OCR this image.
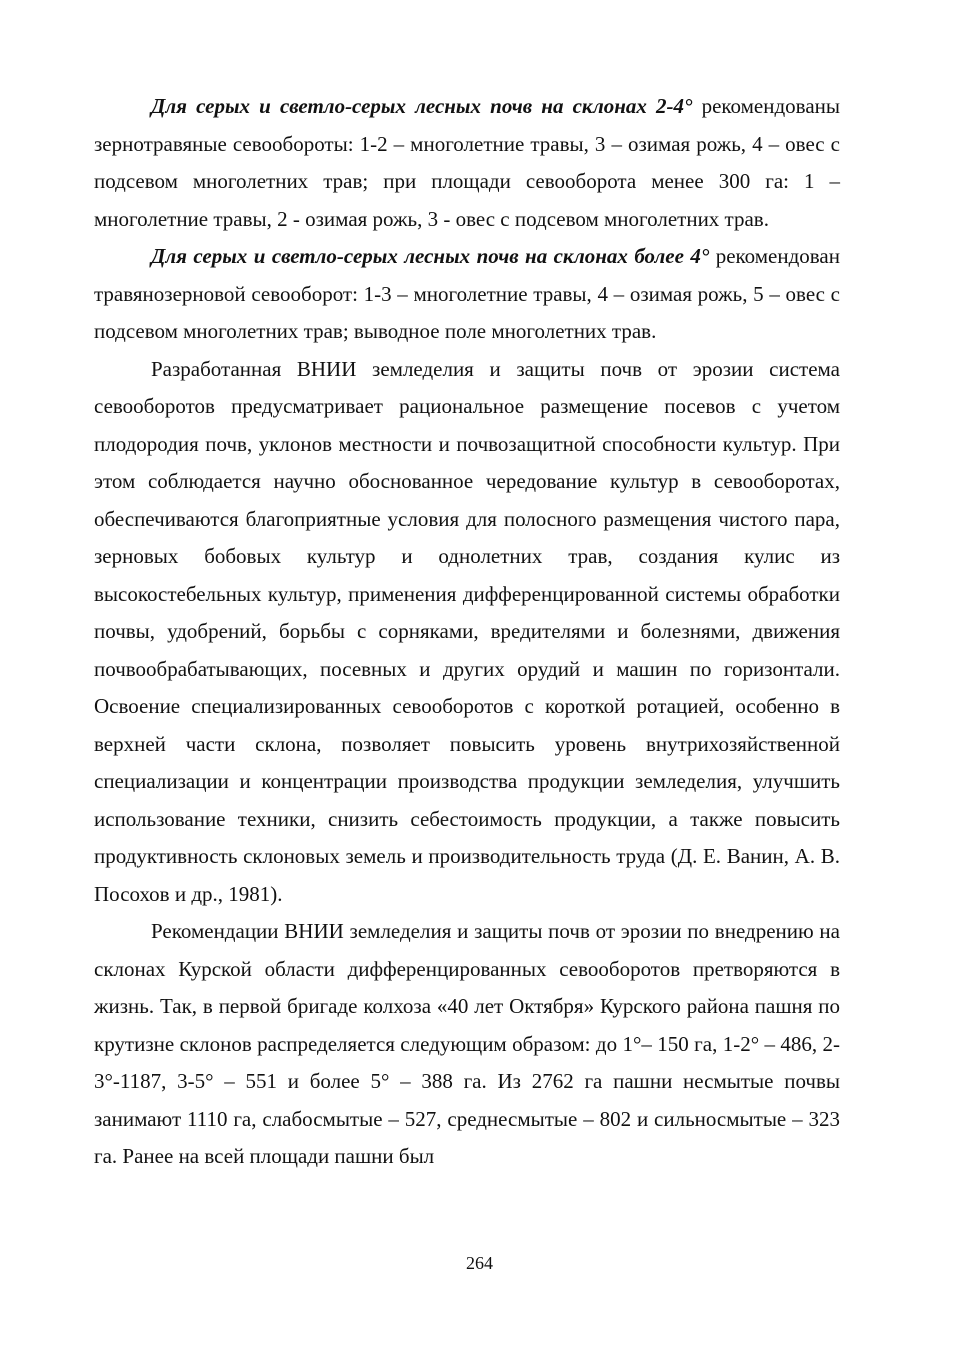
Для серых и светло-серых лесных почв на склонах 2-4° рекомендованы зернотравяные севообороты: 1-2 – многолетние травы, 3 – озимая рожь, 4 – овес с подсевом многолетних трав; при площади севооборота менее 300 га: 1 – многолетние травы, 2 - озимая рожь, 3 - овес с подсевом многолетних трав.

Для серых и светло-серых лесных почв на склонах более 4° рекомендован травянозерновой севооборот: 1-3 – многолетние травы, 4 – озимая рожь, 5 – овес с подсевом многолетних трав; выводное поле многолетних трав.

Разработанная ВНИИ земледелия и защиты почв от эрозии система севооборотов предусматривает рациональное размещение посевов с учетом плодородия почв, уклонов местности и почвозащитной способности культур. При этом соблюдается научно обоснованное чередование культур в севооборотах, обеспечиваются благоприятные условия для полосного размещения чистого пара, зерновых бобовых культур и однолетних трав, создания кулис из высокостебельных культур, применения дифференцированной системы обработки почвы, удобрений, борьбы с сорняками, вредителями и болезнями, движения почвообрабатывающих, посевных и других орудий и машин по горизонтали. Освоение специализированных севооборотов с короткой ротацией, особенно в верхней части склона, позволяет повысить уровень внутрихозяйственной специализации и концентрации производства продукции земледелия, улучшить использование техники, снизить себестоимость продукции, а также повысить продуктивность склоновых земель и производительность труда (Д. Е. Ванин, А. В. Посохов и др., 1981).

Рекомендации ВНИИ земледелия и защиты почв от эрозии по внедрению на склонах Курской области дифференцированных севооборотов претворяются в жизнь. Так, в первой бригаде колхоза «40 лет Октября» Курского района пашня по крутизне склонов распределяется следующим образом: до 1°– 150 га, 1-2° – 486, 2-3°-1187, 3-5° – 551 и более 5° – 388 га. Из 2762 га пашни несмытые почвы занимают 1110 га, слабосмытые – 527, среднесмытые – 802 и сильносмытые – 323 га. Ранее на всей площади пашни был

264
